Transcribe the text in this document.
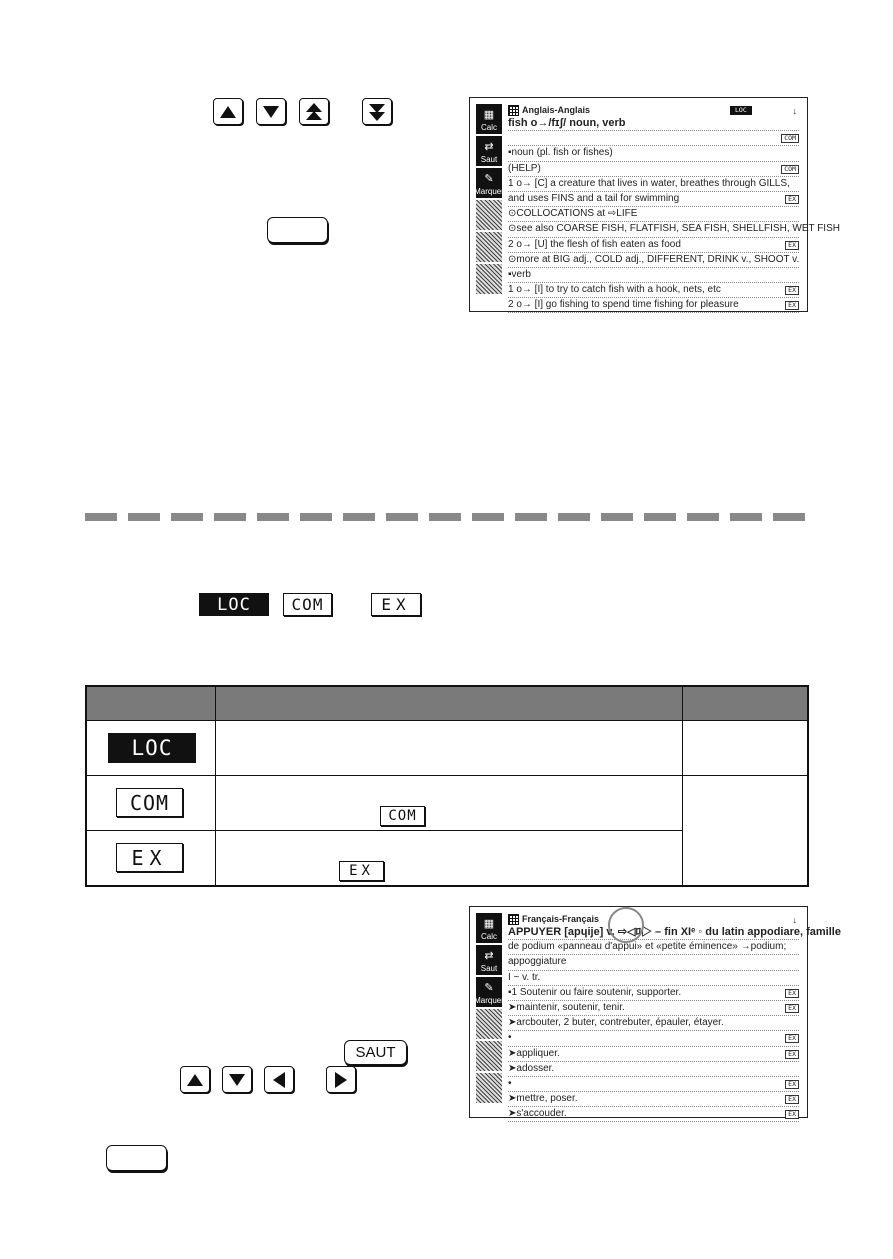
▦
Calc
⇄
Saut
✎
Marquer
Anglais-Anglais	LOC	↓
fish o→/fɪʃ/ noun, verb
COM
▪noun (pl. fish or fishes)
(HELP)	COM
1 o→ [C] a creature that lives in water, breathes through GILLS,
and uses FINS and a tail for swimming	EX
⊙COLLOCATIONS at ⇨LIFE
⊙see also COARSE FISH, FLATFISH, SEA FISH, SHELLFISH, WET FISH
2 o→ [U] the flesh of fish eaten as food	EX
⊙more at BIG adj., COLD adj., DIFFERENT, DRINK v., SHOOT v.
▪verb
1 o→ [I] to try to catch fish with a hook, nets, etc	EX
2 o→ [I] go fishing to spend time fishing for pleasure	EX
LOC	COM	EX

LOC		

COM	COM	

EX	EX	
▦
Calc
⇄
Saut
✎
Marquer
Français-Français	↓
APPUYER [apɥije] v. ⇨◁ﾛ▷ – fin XIᵉ ◦ du latin appodiare, famille
de podium «panneau d'appui» et «petite éminence» →podium;
appoggiature
I ~ v. tr.
▪1 Soutenir ou faire soutenir, supporter.	EX
➤maintenir, soutenir, tenir.	EX
➤arcbouter, 2 buter, contrebuter, épauler, étayer.
•	EX
➤appliquer.	EX
➤adosser.
•	EX
➤mettre, poser.	EX
➤s'accouder.	EX
SAUT
